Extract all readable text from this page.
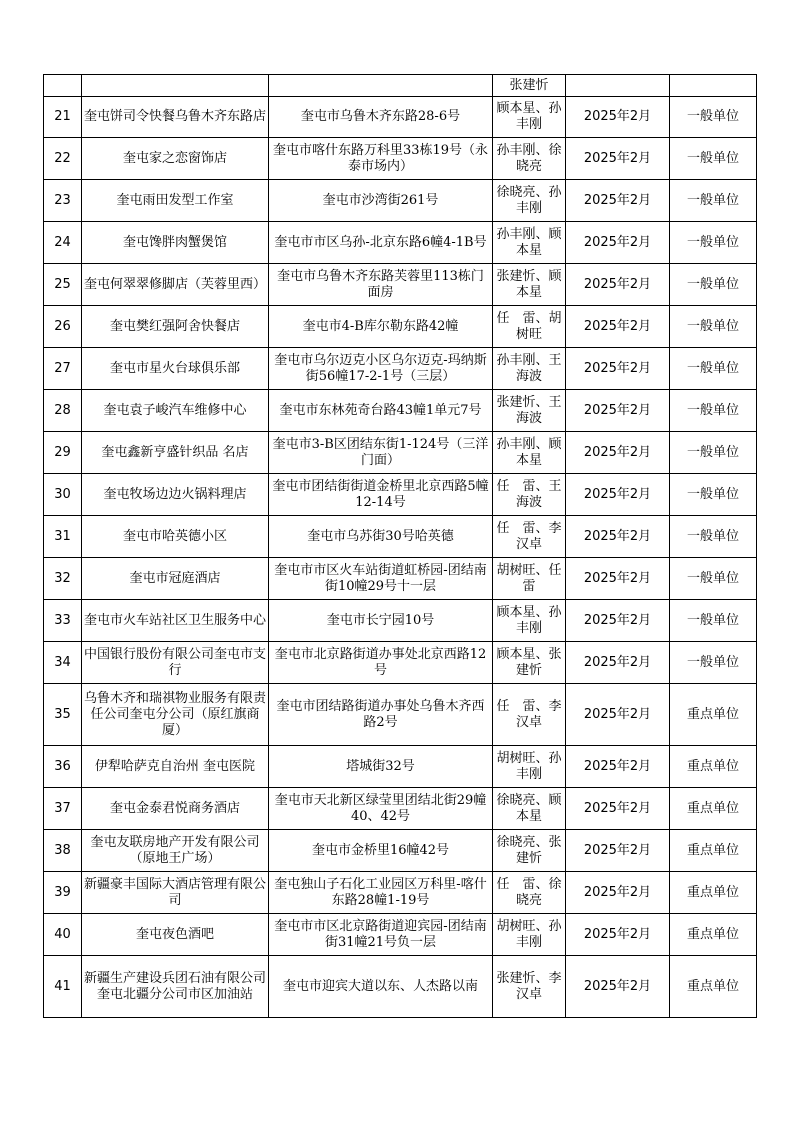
			张建忻		
21	奎屯饼司令快餐乌鲁木齐东路店	奎屯市乌鲁木齐东路28-6号	顾本星、孙丰刚	2025年2月	一般单位
22	奎屯家之恋窗饰店	奎屯市喀什东路万科里33栋19号（永泰市场内）	孙丰刚、徐晓亮	2025年2月	一般单位
23	奎屯雨田发型工作室	奎屯市沙湾街261号	徐晓亮、孙丰刚	2025年2月	一般单位
24	奎屯馋胖肉蟹煲馆	奎屯市市区乌孙-北京东路6幢4-1B号	孙丰刚、顾本星	2025年2月	一般单位
25	奎屯何翠翠修脚店（芙蓉里西）	奎屯市乌鲁木齐东路芙蓉里113栋门面房	张建忻、顾本星	2025年2月	一般单位
26	奎屯樊红强阿舍快餐店	奎屯市4-B库尔勒东路42幢	任　雷、胡树旺	2025年2月	一般单位
27	奎屯市星火台球俱乐部	奎屯市乌尔迈克小区乌尔迈克-玛纳斯街56幢17-2-1号（三层）	孙丰刚、王海波	2025年2月	一般单位
28	奎屯袁子峻汽车维修中心	奎屯市东林苑奇台路43幢1单元7号	张建忻、王海波	2025年2月	一般单位
29	奎屯鑫新亨盛针织品 名店	奎屯市3-B区团结东街1-124号（三洋门面）	孙丰刚、顾本星	2025年2月	一般单位
30	奎屯牧场边边火锅料理店	奎屯市团结街街道金桥里北京西路5幢12-14号	任　雷、王海波	2025年2月	一般单位
31	奎屯市哈英德小区	奎屯市乌苏街30号哈英德	任　雷、李汉卓	2025年2月	一般单位
32	奎屯市冠庭酒店	奎屯市市区火车站街道虹桥园-团结南街10幢29号十一层	胡树旺、任　雷	2025年2月	一般单位
33	奎屯市火车站社区卫生服务中心	奎屯市长宁园10号	顾本星、孙丰刚	2025年2月	一般单位
34	中国银行股份有限公司奎屯市支行	奎屯市北京路街道办事处北京西路12号	顾本星、张建忻	2025年2月	一般单位
35	乌鲁木齐和瑞祺物业服务有限责任公司奎屯分公司（原红旗商厦）	奎屯市团结路街道办事处乌鲁木齐西路2号	任　雷、李汉卓	2025年2月	重点单位
36	伊犁哈萨克自治州 奎屯医院	塔城街32号	胡树旺、孙丰刚	2025年2月	重点单位
37	奎屯金泰君悦商务酒店	奎屯市天北新区绿莹里团结北街29幢40、42号	徐晓亮、顾本星	2025年2月	重点单位
38	奎屯友联房地产开发有限公司（原地王广场）	奎屯市金桥里16幢42号	徐晓亮、张建忻	2025年2月	重点单位
39	新疆豪丰国际大酒店管理有限公司	奎屯独山子石化工业园区万科里-喀什东路28幢1-19号	任　雷、徐晓亮	2025年2月	重点单位
40	奎屯夜色酒吧	奎屯市市区北京路街道迎宾园-团结南街31幢21号负一层	胡树旺、孙丰刚	2025年2月	重点单位
41	新疆生产建设兵团石油有限公司奎屯北疆分公司市区加油站	奎屯市迎宾大道以东、人杰路以南	张建忻、李汉卓	2025年2月	重点单位
